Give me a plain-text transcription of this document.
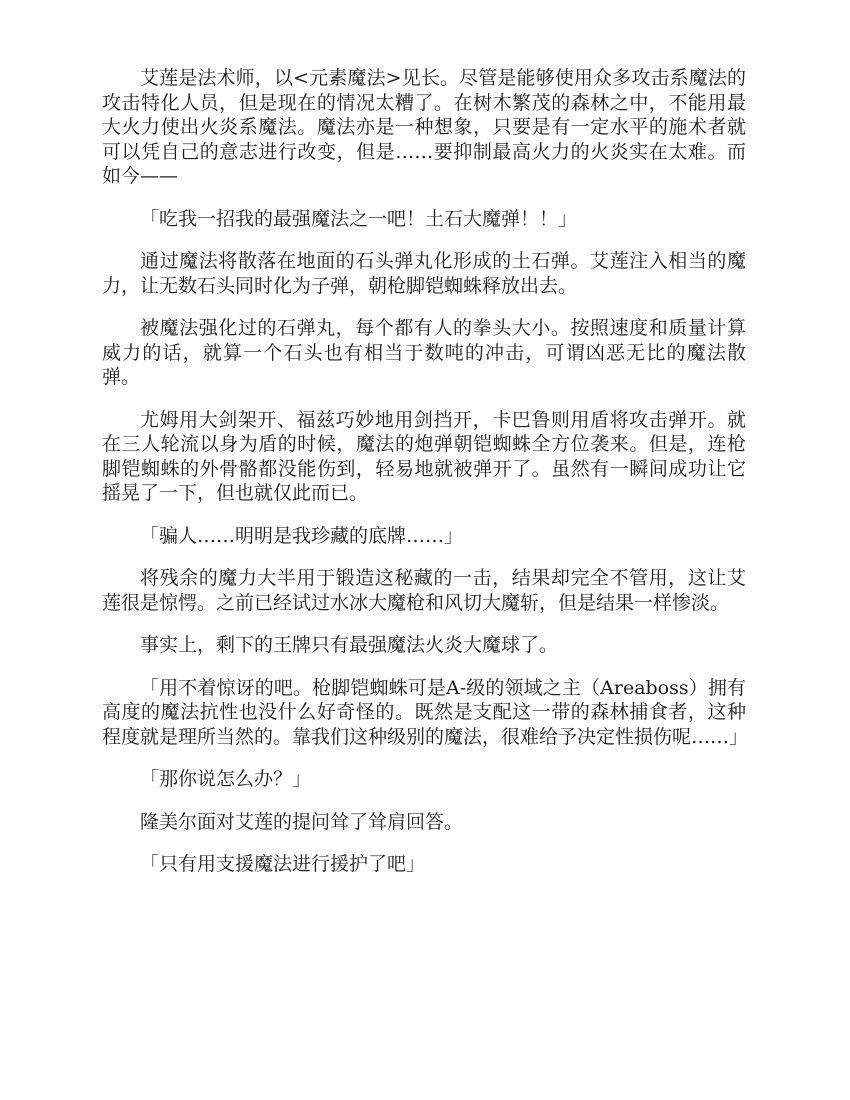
艾莲是法术师，以<元素魔法>见长。尽管是能够使用众多攻击系魔法的攻击特化人员，但是现在的情况太糟了。在树木繁茂的森林之中，不能用最大火力使出火炎系魔法。魔法亦是一种想象，只要是有一定水平的施术者就可以凭自己的意志进行改变，但是……要抑制最高火力的火炎实在太难。而如今——

「吃我一招我的最强魔法之一吧！土石大魔弹！！」

通过魔法将散落在地面的石头弹丸化形成的土石弹。艾莲注入相当的魔力，让无数石头同时化为子弹，朝枪脚铠蜘蛛释放出去。

被魔法强化过的石弹丸，每个都有人的拳头大小。按照速度和质量计算威力的话，就算一个石头也有相当于数吨的冲击，可谓凶恶无比的魔法散弹。

尤姆用大剑架开、福兹巧妙地用剑挡开，卡巴鲁则用盾将攻击弹开。就在三人轮流以身为盾的时候，魔法的炮弹朝铠蜘蛛全方位袭来。但是，连枪脚铠蜘蛛的外骨骼都没能伤到，轻易地就被弹开了。虽然有一瞬间成功让它摇晃了一下，但也就仅此而已。

「骗人……明明是我珍藏的底牌……」

将残余的魔力大半用于锻造这秘藏的一击，结果却完全不管用，这让艾莲很是惊愕。之前已经试过水冰大魔枪和风切大魔斩，但是结果一样惨淡。

事实上，剩下的王牌只有最强魔法火炎大魔球了。

「用不着惊讶的吧。枪脚铠蜘蛛可是A-级的领域之主（Areaboss）拥有高度的魔法抗性也没什么好奇怪的。既然是支配这一带的森林捕食者，这种程度就是理所当然的。靠我们这种级别的魔法，很难给予决定性损伤呢……」

「那你说怎么办？」

隆美尔面对艾莲的提问耸了耸肩回答。

「只有用支援魔法进行援护了吧」
